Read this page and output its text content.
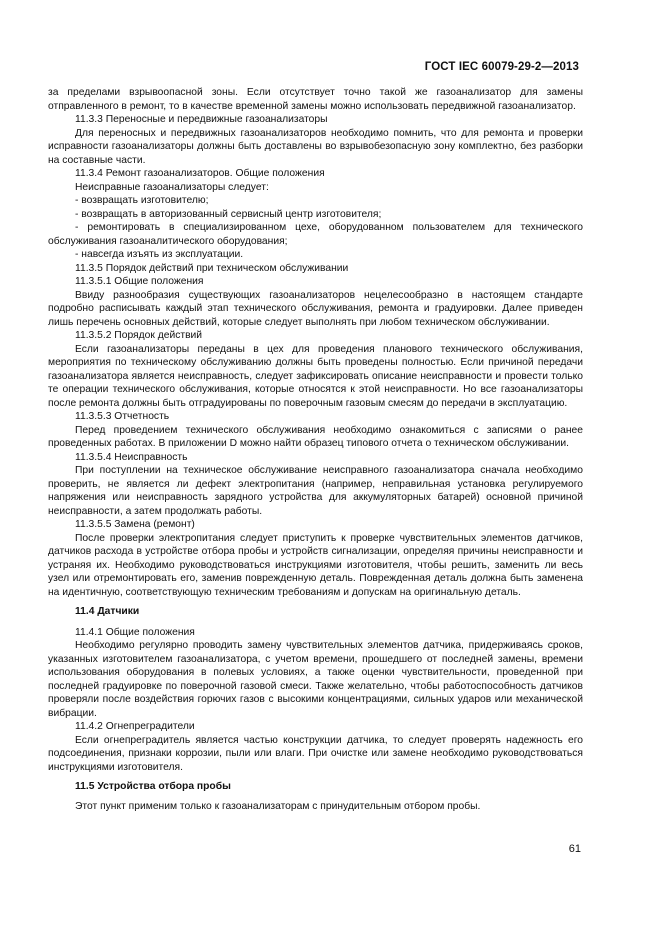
ГОСТ IEC 60079-29-2—2013

за пределами взрывоопасной зоны. Если отсутствует точно такой же газоанализатор для замены отправленного в ремонт, то в качестве временной замены можно использовать передвижной газоанализатор.

11.3.3 Переносные и передвижные газоанализаторы

Для переносных и передвижных газоанализаторов необходимо помнить, что для ремонта и проверки исправности газоанализаторы должны быть доставлены во взрывобезопасную зону комплектно, без разборки на составные части.

11.3.4 Ремонт газоанализаторов. Общие положения

Неисправные газоанализаторы следует:

- возвращать изготовителю;

- возвращать в авторизованный сервисный центр изготовителя;

- ремонтировать в специализированном цехе, оборудованном пользователем для технического обслуживания газоаналитического оборудования;

- навсегда изъять из эксплуатации.

11.3.5 Порядок действий при техническом обслуживании

11.3.5.1 Общие положения

Ввиду разнообразия существующих газоанализаторов нецелесообразно в настоящем стандарте подробно расписывать каждый этап технического обслуживания, ремонта и градуировки. Далее приведен лишь перечень основных действий, которые следует выполнять при любом техническом обслуживании.

11.3.5.2 Порядок действий

Если газоанализаторы переданы в цех для проведения планового технического обслуживания, мероприятия по техническому обслуживанию должны быть проведены полностью. Если причиной передачи газоанализатора является неисправность, следует зафиксировать описание неисправности и провести только те операции технического обслуживания, которые относятся к этой неисправности. Но все газоанализаторы после ремонта должны быть отградуированы по поверочным газовым смесям до передачи в эксплуатацию.

11.3.5.3 Отчетность

Перед проведением технического обслуживания необходимо ознакомиться с записями о ранее проведенных работах. В приложении D можно найти образец типового отчета о техническом обслуживании.

11.3.5.4 Неисправность

При поступлении на техническое обслуживание неисправного газоанализатора сначала необходимо проверить, не является ли дефект электропитания (например, неправильная установка регулируемого напряжения или неисправность зарядного устройства для аккумуляторных батарей) основной причиной неисправности, а затем продолжать работы.

11.3.5.5 Замена (ремонт)

После проверки электропитания следует приступить к проверке чувствительных элементов датчиков, датчиков расхода в устройстве отбора пробы и устройств сигнализации, определяя причины неисправности и устраняя их. Необходимо руководствоваться инструкциями изготовителя, чтобы решить, заменить ли весь узел или отремонтировать его, заменив поврежденную деталь. Поврежденная деталь должна быть заменена на идентичную, соответствующую техническим требованиям и допускам на оригинальную деталь.

11.4 Датчики

11.4.1 Общие положения

Необходимо регулярно проводить замену чувствительных элементов датчика, придерживаясь сроков, указанных изготовителем газоанализатора, с учетом времени, прошедшего от последней замены, времени использования оборудования в полевых условиях, а также оценки чувствительности, проведенной при последней градуировке по поверочной газовой смеси. Также желательно, чтобы работоспособность датчиков проверяли после воздействия горючих газов с высокими концентрациями, сильных ударов или механической вибрации.

11.4.2 Огнепреградители

Если огнепреградитель является частью конструкции датчика, то следует проверять надежность его подсоединения, признаки коррозии, пыли или влаги. При очистке или замене необходимо руководствоваться инструкциями изготовителя.

11.5 Устройства отбора пробы

Этот пункт применим только к газоанализаторам с принудительным отбором пробы.

61
